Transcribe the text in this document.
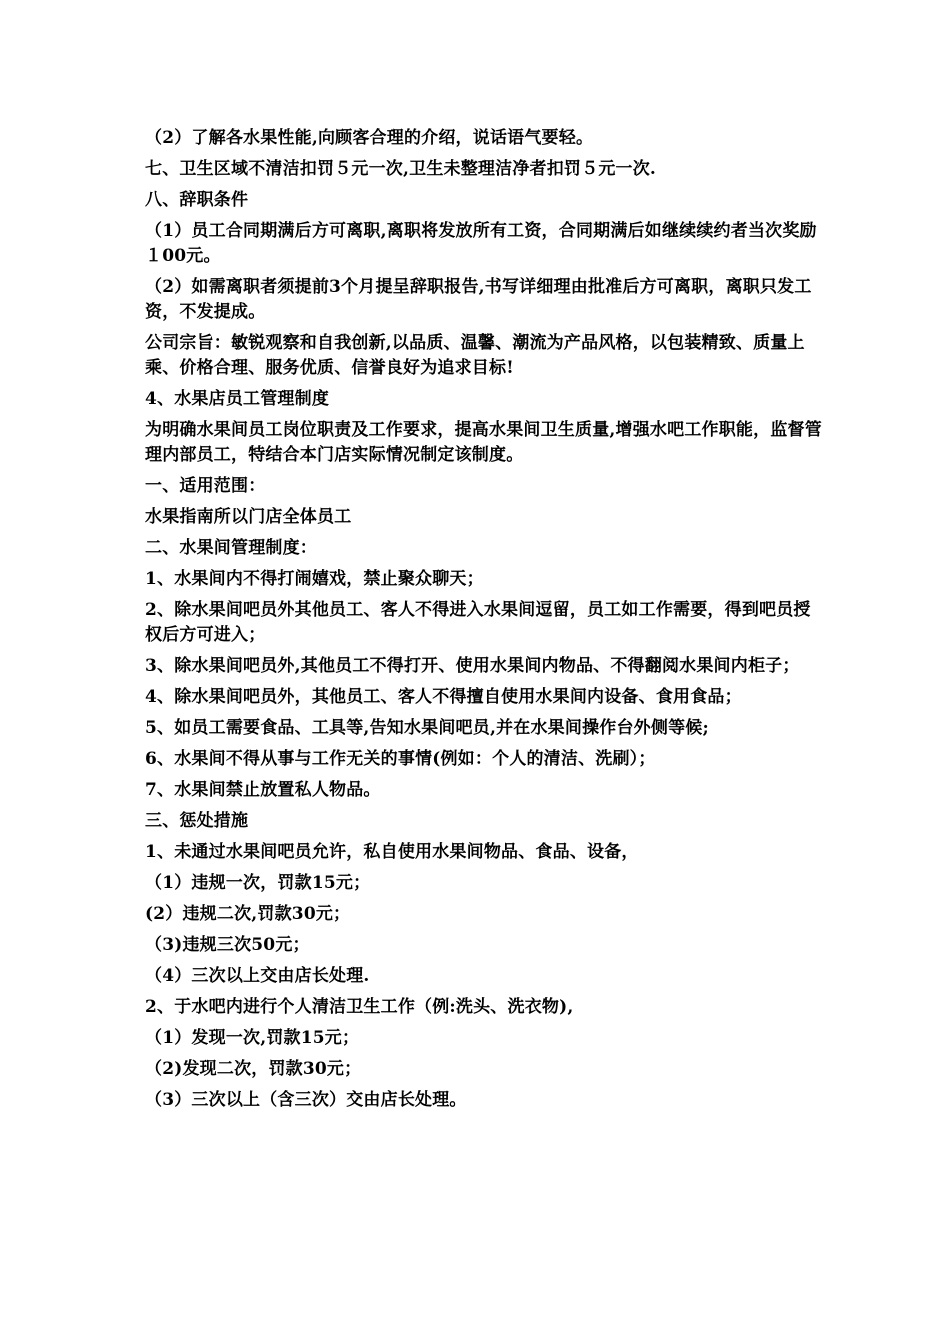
（2）了解各水果性能,向顾客合理的介绍，说话语气要轻。

七、卫生区域不清洁扣罚５元一次,卫生未整理洁净者扣罚５元一次.

八、辞职条件

（1）员工合同期满后方可离职,离职将发放所有工资，合同期满后如继续续约者当次奖励１00元。

（2）如需离职者须提前3个月提呈辞职报告,书写详细理由批准后方可离职，离职只发工资，不发提成。

公司宗旨：敏锐观察和自我创新,以品质、温馨、潮流为产品风格，以包装精致、质量上乘、价格合理、服务优质、信誉良好为追求目标!

4、水果店员工管理制度

为明确水果间员工岗位职责及工作要求，提高水果间卫生质量,增强水吧工作职能，监督管理内部员工，特结合本门店实际情况制定该制度。

一、适用范围：

水果指南所以门店全体员工

二、水果间管理制度：

1、水果间内不得打闹嬉戏，禁止聚众聊天；

2、除水果间吧员外其他员工、客人不得进入水果间逗留，员工如工作需要，得到吧员授权后方可进入；

3、除水果间吧员外,其他员工不得打开、使用水果间内物品、不得翻阅水果间内柜子；

4、除水果间吧员外，其他员工、客人不得擅自使用水果间内设备、食用食品；

5、如员工需要食品、工具等,告知水果间吧员,并在水果间操作台外侧等候;

6、水果间不得从事与工作无关的事情(例如：个人的清洁、洗刷）；

7、水果间禁止放置私人物品。

三、惩处措施

1、未通过水果间吧员允许，私自使用水果间物品、食品、设备，

（1）违规一次，罚款15元；

(2）违规二次,罚款30元；

（3)违规三次50元；

（4）三次以上交由店长处理.

2、于水吧内进行个人清洁卫生工作（例:洗头、洗衣物),

（1）发现一次,罚款15元；

（2)发现二次，罚款30元；

（3）三次以上（含三次）交由店长处理。
